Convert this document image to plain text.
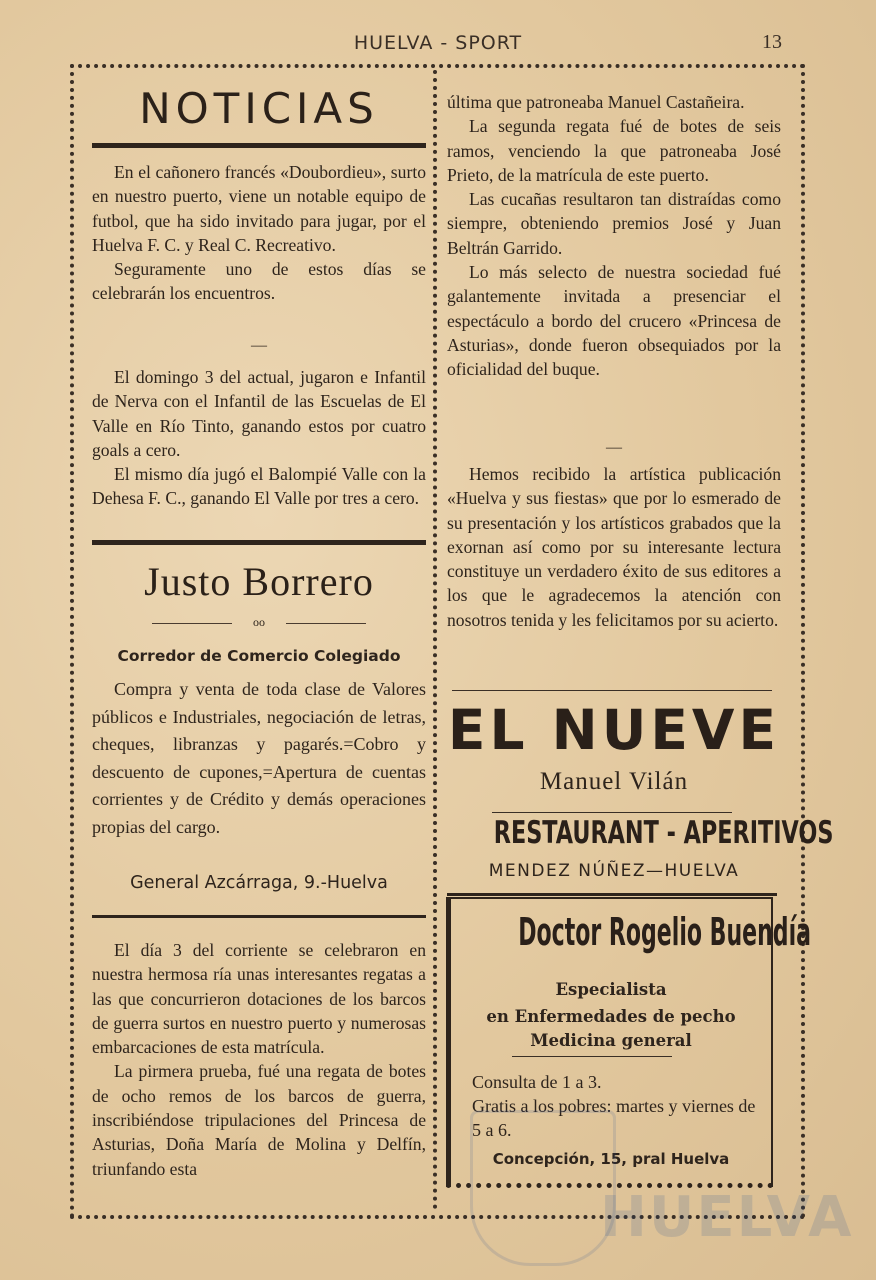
HUELVA - SPORT	13
NOTICIAS

En el cañonero francés «Doubordieu», surto en nuestro puerto, viene un notable equipo de futbol, que ha sido invitado para jugar, por el Huelva F. C. y Real C. Recreativo.

Seguramente uno de estos días se celebrarán los encuentros.

—

El domingo 3 del actual, jugaron e Infantil de Nerva con el Infantil de las Escuelas de El Valle en Río Tinto, ganando estos por cuatro goals a cero.

El mismo día jugó el Balompié Valle con la Dehesa F. C., ganando El Valle por tres a cero.

Justo Borrero
oo
Corredor de Comercio Colegiado

Compra y venta de toda clase de Valores públicos e Industriales, negociación de letras, cheques, libranzas y pagarés.=Cobro y descuento de cupones,=Apertura de cuentas corrientes y de Crédito y demás operaciones propias del cargo.

General Azcárraga, 9.-Huelva

El día 3 del corriente se celebraron en nuestra hermosa ría unas interesantes regatas a las que concurrieron dotaciones de los barcos de guerra surtos en nuestro puerto y numerosas embarcaciones de esta matrícula.

La pirmera prueba, fué una regata de botes de ocho remos de los barcos de guerra, inscribiéndose tripulaciones del Princesa de Asturias, Doña María de Molina y Delfín, triunfando esta

última que patroneaba Manuel Castañeira.

La segunda regata fué de botes de seis ramos, venciendo la que patroneaba José Prieto, de la matrícula de este puerto.

Las cucañas resultaron tan distraídas como siempre, obteniendo premios José y Juan Beltrán Garrido.

Lo más selecto de nuestra sociedad fué galantemente invitada a presenciar el espectáculo a bordo del crucero «Princesa de Asturias», donde fueron obsequiados por la oficialidad del buque.

—

Hemos recibido la artística publicación «Huelva y sus fiestas» que por lo esmerado de su presentación y los artísticos grabados que la exornan así como por su interesante lectura constituye un verdadero éxito de sus editores a los que le agradecemos la atención con nosotros tenida y les felicitamos por su acierto.

EL NUEVE
Manuel Vilán
RESTAURANT - APERITIVOS
MENDEZ NÚÑEZ—HUELVA
Doctor Rogelio Buendía
Especialista
en Enfermedades de pecho
Medicina general
Consulta de 1 a 3.
Gratis a los pobres: martes y viernes de 5 a 6.
Concepción, 15, pral Huelva
HUELVA
